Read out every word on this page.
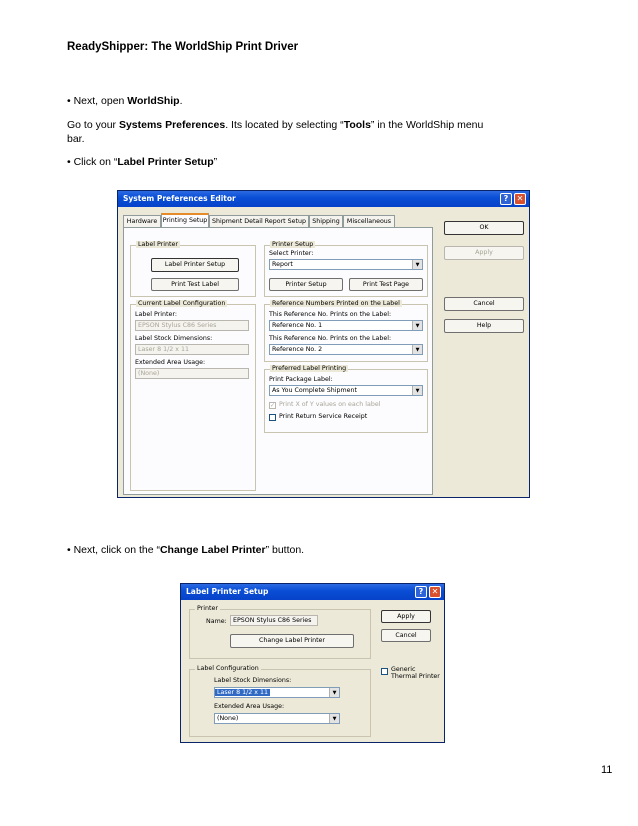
ReadyShipper: The WorldShip Print Driver
• Next, open WorldShip.
Go to your Systems Preferences. Its located by selecting “Tools” in the WorldShip menu
bar.
• Click on “Label Printer Setup”
System Preferences Editor	?	✕
Hardware Printing Setup Shipment Detail Report Setup Shipping	Miscellaneous
Label Printer
Label Printer Setup
Print Test Label
Current Label Configuration
Label Printer:
EPSON Stylus C86 Series
Label Stock Dimensions:
Laser 8 1/2 x 11
Extended Area Usage:
(None)
Printer Setup
Select Printer:
Report	▼
Printer Setup	Print Test Page
Reference Numbers Printed on the Label
This Reference No. Prints on the Label:
Reference No. 1	▼
This Reference No. Prints on the Label:
Reference No. 2	▼
Preferred Label Printing
Print Package Label:
As You Complete Shipment	▼
✓ Print X of Y values on each label
Print Return Service Receipt
OK
Apply
Cancel
Help
• Next, click on the “Change Label Printer” button.
Label Printer Setup	?	✕
Printer
Name: EPSON Stylus C86 Series
Change Label Printer
Apply
Cancel
Generic Thermal Printer
Label Configuration
Label Stock Dimensions:
Laser 8 1/2 x 11	▼
Extended Area Usage:
(None)	▼
11
